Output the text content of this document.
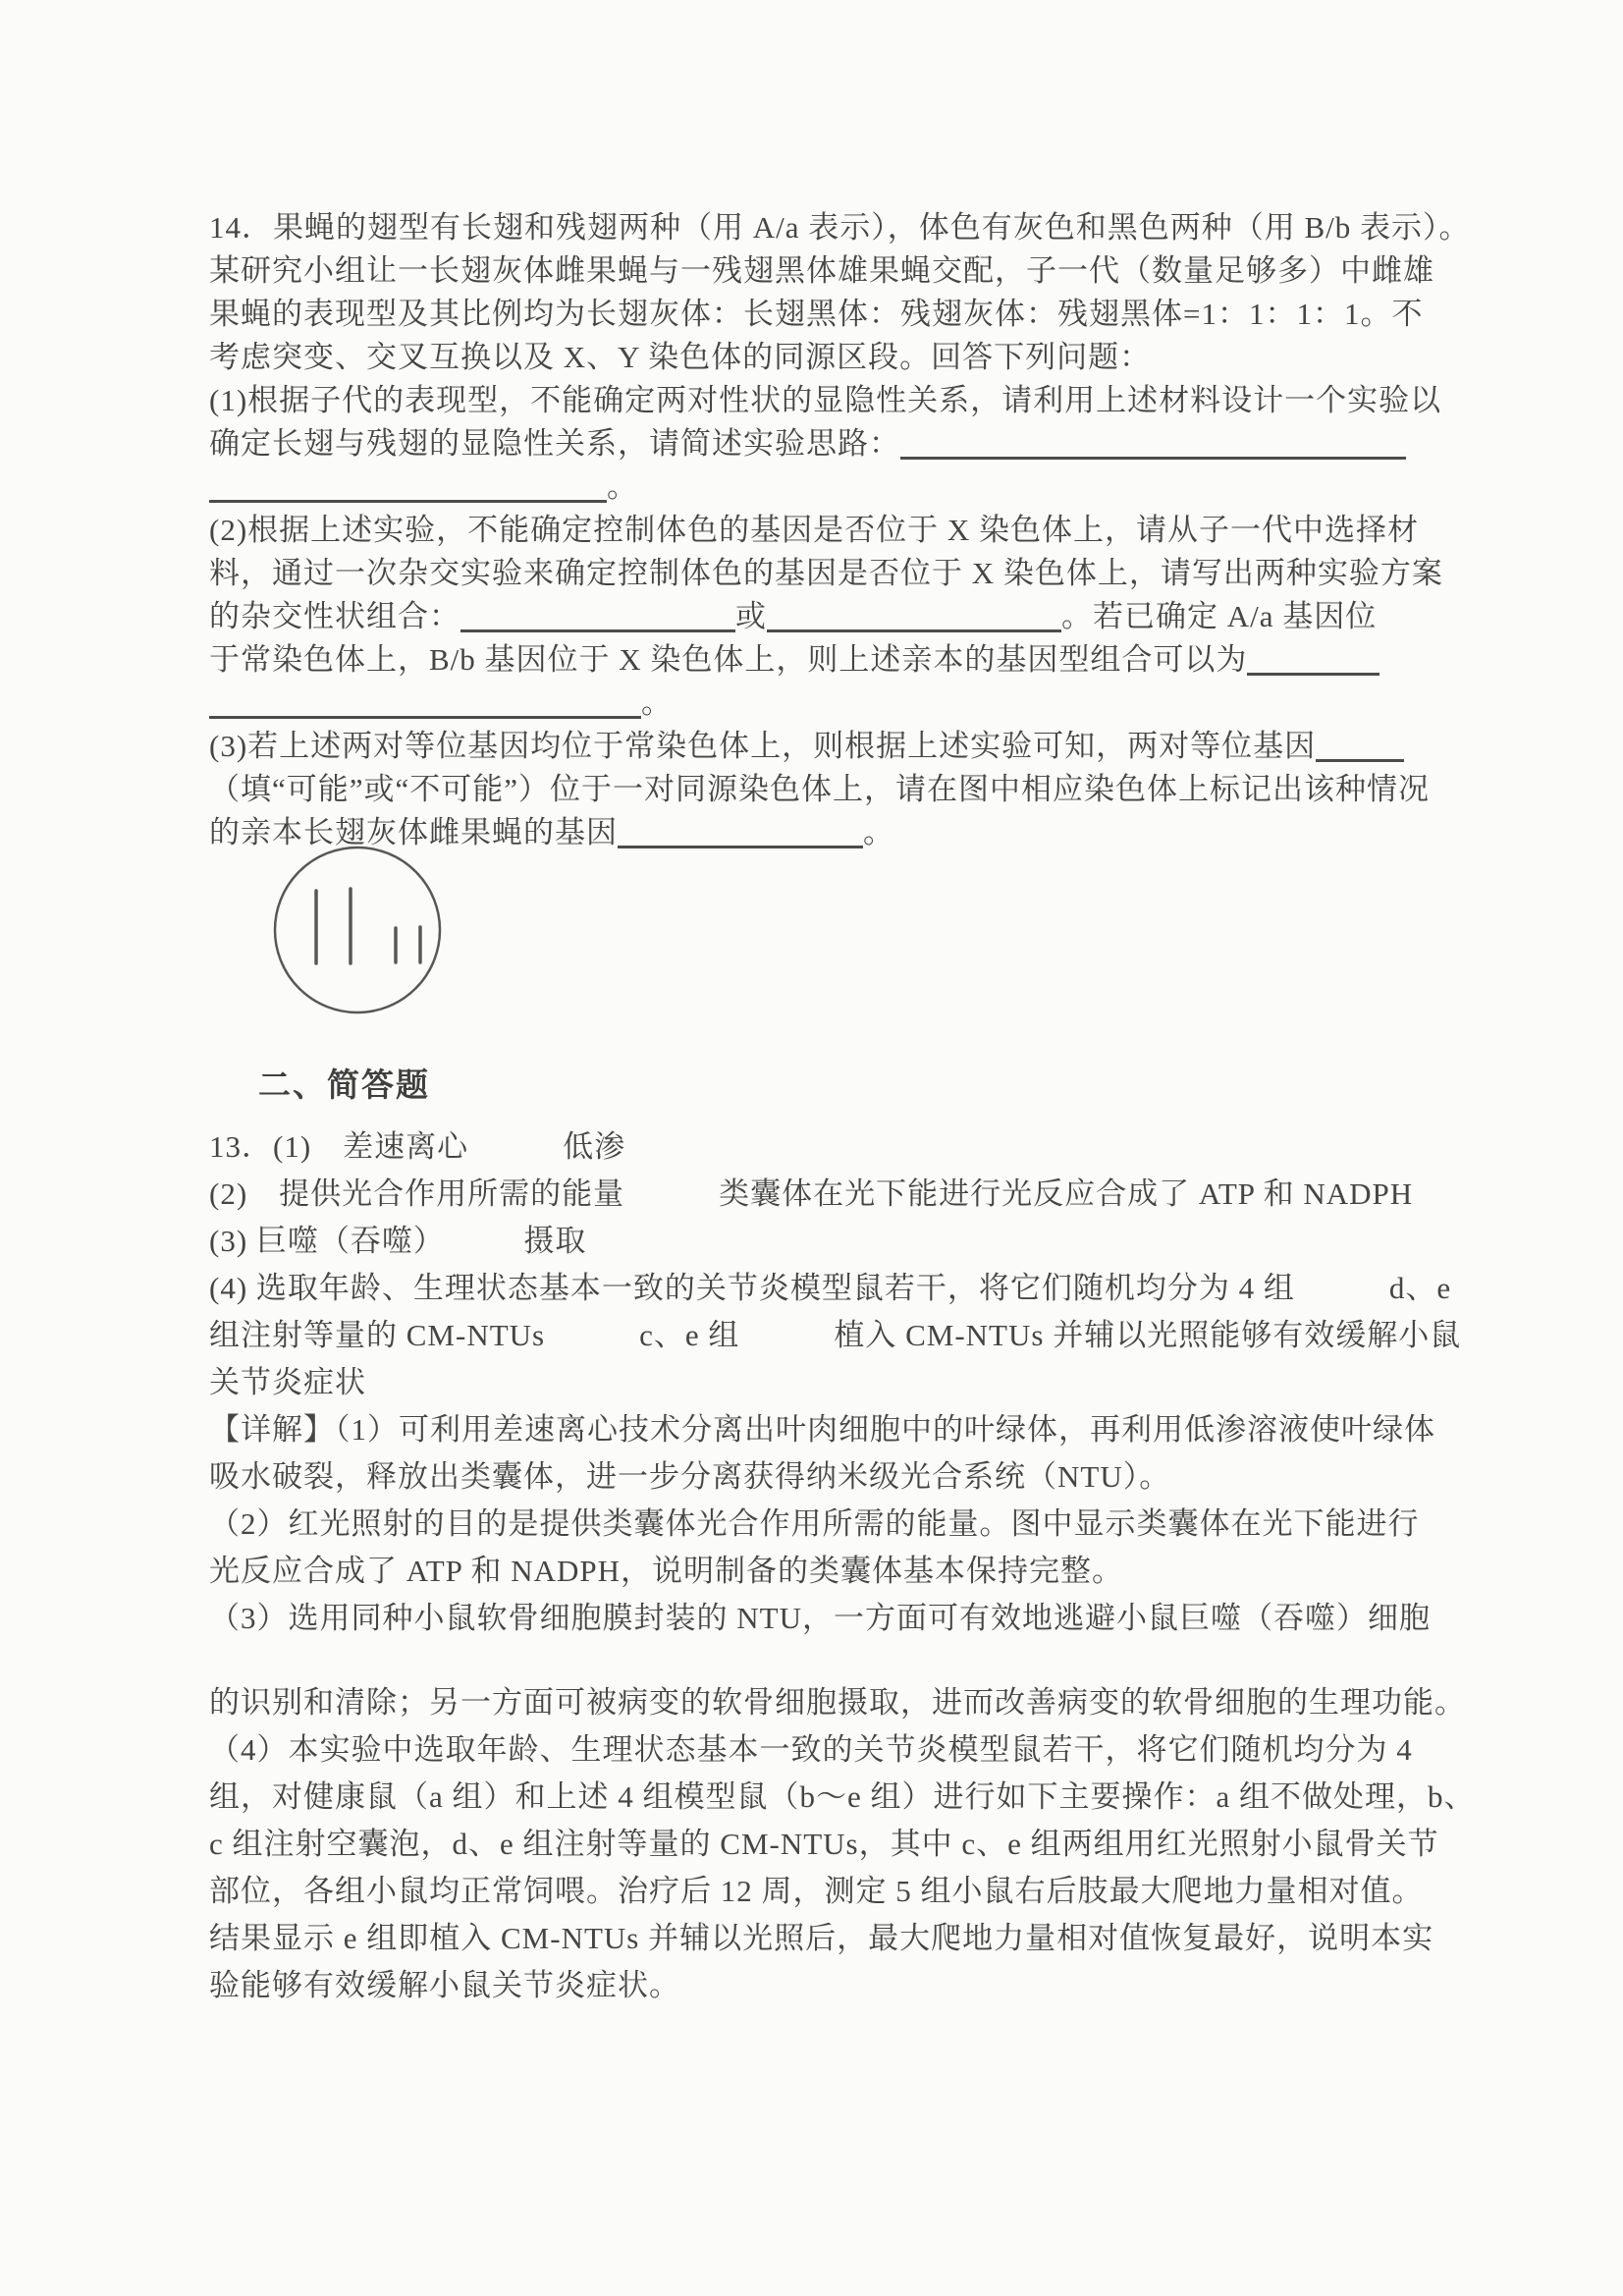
14．果蝇的翅型有长翅和残翅两种（用 A/a 表示），体色有灰色和黑色两种（用 B/b 表示）。
某研究小组让一长翅灰体雌果蝇与一残翅黑体雄果蝇交配，子一代（数量足够多）中雌雄
果蝇的表现型及其比例均为长翅灰体：长翅黑体：残翅灰体：残翅黑体=1：1：1：1。不
考虑突变、交叉互换以及 X、Y 染色体的同源区段。回答下列问题：
(1)根据子代的表现型，不能确定两对性状的显隐性关系，请利用上述材料设计一个实验以
确定长翅与残翅的显隐性关系，请简述实验思路：
。
(2)根据上述实验，不能确定控制体色的基因是否位于 X 染色体上，请从子一代中选择材
料，通过一次杂交实验来确定控制体色的基因是否位于 X 染色体上，请写出两种实验方案
的杂交性状组合：	或	。若已确定 A/a 基因位
于常染色体上，B/b 基因位于 X 染色体上，则上述亲本的基因型组合可以为
。
(3)若上述两对等位基因均位于常染色体上，则根据上述实验可知，两对等位基因
（填“可能”或“不可能”）位于一对同源染色体上，请在图中相应染色体上标记出该种情况
的亲本长翅灰体雌果蝇的基因	。
二、简答题
13．(1)　差速离心　　　低渗
(2)　提供光合作用所需的能量　　　类囊体在光下能进行光反应合成了 ATP 和 NADPH
(3) 巨噬（吞噬）　　　摄取
(4) 选取年龄、生理状态基本一致的关节炎模型鼠若干，将它们随机均分为 4 组　　　d、e
组注射等量的 CM-NTUs　　　c、e 组　　　植入 CM-NTUs 并辅以光照能够有效缓解小鼠
关节炎症状
【详解】（1）可利用差速离心技术分离出叶肉细胞中的叶绿体，再利用低渗溶液使叶绿体
吸水破裂，释放出类囊体，进一步分离获得纳米级光合系统（NTU）。
（2）红光照射的目的是提供类囊体光合作用所需的能量。图中显示类囊体在光下能进行
光反应合成了 ATP 和 NADPH，说明制备的类囊体基本保持完整。
（3）选用同种小鼠软骨细胞膜封装的 NTU，一方面可有效地逃避小鼠巨噬（吞噬）细胞
的识别和清除；另一方面可被病变的软骨细胞摄取，进而改善病变的软骨细胞的生理功能。
（4）本实验中选取年龄、生理状态基本一致的关节炎模型鼠若干，将它们随机均分为 4
组，对健康鼠（a 组）和上述 4 组模型鼠（b～e 组）进行如下主要操作：a 组不做处理，b、
c 组注射空囊泡，d、e 组注射等量的 CM-NTUs，其中 c、e 组两组用红光照射小鼠骨关节
部位，各组小鼠均正常饲喂。治疗后 12 周，测定 5 组小鼠右后肢最大爬地力量相对值。
结果显示 e 组即植入 CM-NTUs 并辅以光照后，最大爬地力量相对值恢复最好，说明本实
验能够有效缓解小鼠关节炎症状。
